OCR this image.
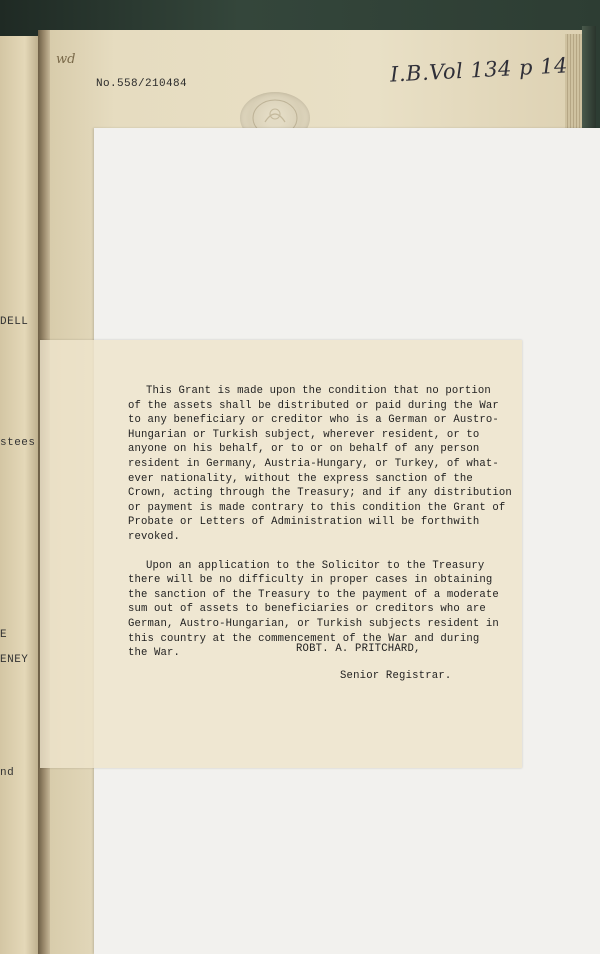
DELL
stees
E
ENEY
nd
wd
No.558/210484	I.B.Vol 134 p 14

This Grant is made upon the condition that no portion

of the assets shall be distributed or paid during the War

to any beneficiary or creditor who is a German or Austro-

Hungarian or Turkish subject, wherever resident, or to

anyone on his behalf, or to or on behalf of any person

resident in Germany, Austria-Hungary, or Turkey, of what-

ever nationality, without the express sanction of the

Crown, acting through the Treasury; and if any distribution

or payment is made contrary to this condition the Grant of

Probate or Letters of Administration will be forthwith

revoked.

Upon an application to the Solicitor to the Treasury

there will be no difficulty in proper cases in obtaining

the sanction of the Treasury to the payment of a moderate

sum out of assets to beneficiaries or creditors who are

German, Austro-Hungarian, or Turkish subjects resident in

this country at the commencement of the War and during

the War.	ROBT. A. PRITCHARD,
Senior Registrar.
